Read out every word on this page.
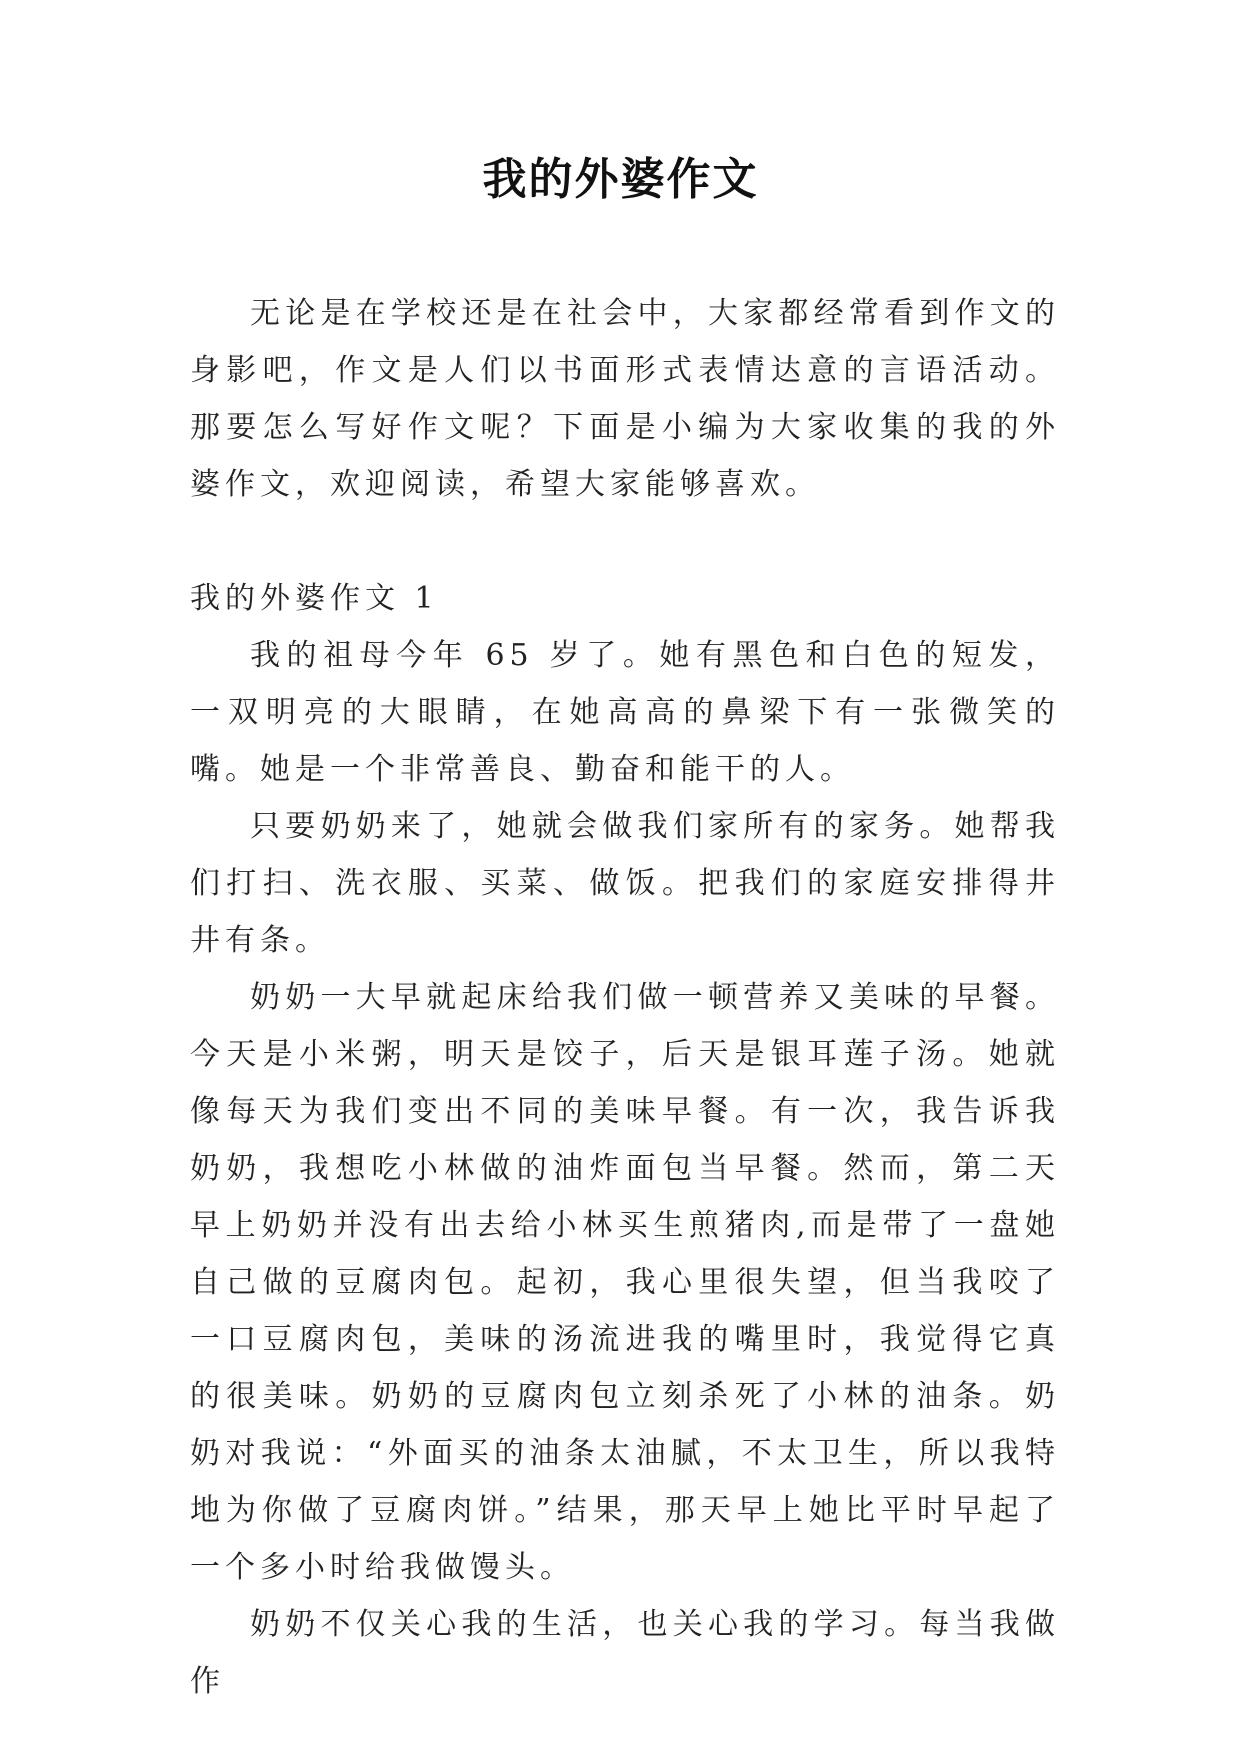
我的外婆作文

无论是在学校还是在社会中，大家都经常看到作文的身影吧，作文是人们以书面形式表情达意的言语活动。那要怎么写好作文呢？下面是小编为大家收集的我的外婆作文，欢迎阅读，希望大家能够喜欢。

我的外婆作文 1

我的祖母今年 65 岁了。她有黑色和白色的短发，一双明亮的大眼睛，在她高高的鼻梁下有一张微笑的嘴。她是一个非常善良、勤奋和能干的人。

只要奶奶来了，她就会做我们家所有的家务。她帮我们打扫、洗衣服、买菜、做饭。把我们的家庭安排得井井有条。

奶奶一大早就起床给我们做一顿营养又美味的早餐。今天是小米粥，明天是饺子，后天是银耳莲子汤。她就像每天为我们变出不同的美味早餐。有一次，我告诉我奶奶，我想吃小林做的油炸面包当早餐。然而，第二天早上奶奶并没有出去给小林买生煎猪肉,而是带了一盘她自己做的豆腐肉包。起初，我心里很失望，但当我咬了一口豆腐肉包，美味的汤流进我的嘴里时，我觉得它真的很美味。奶奶的豆腐肉包立刻杀死了小林的油条。奶奶对我说：“外面买的油条太油腻，不太卫生，所以我特地为你做了豆腐肉饼。”结果，那天早上她比平时早起了一个多小时给我做馒头。

奶奶不仅关心我的生活，也关心我的学习。每当我做作
